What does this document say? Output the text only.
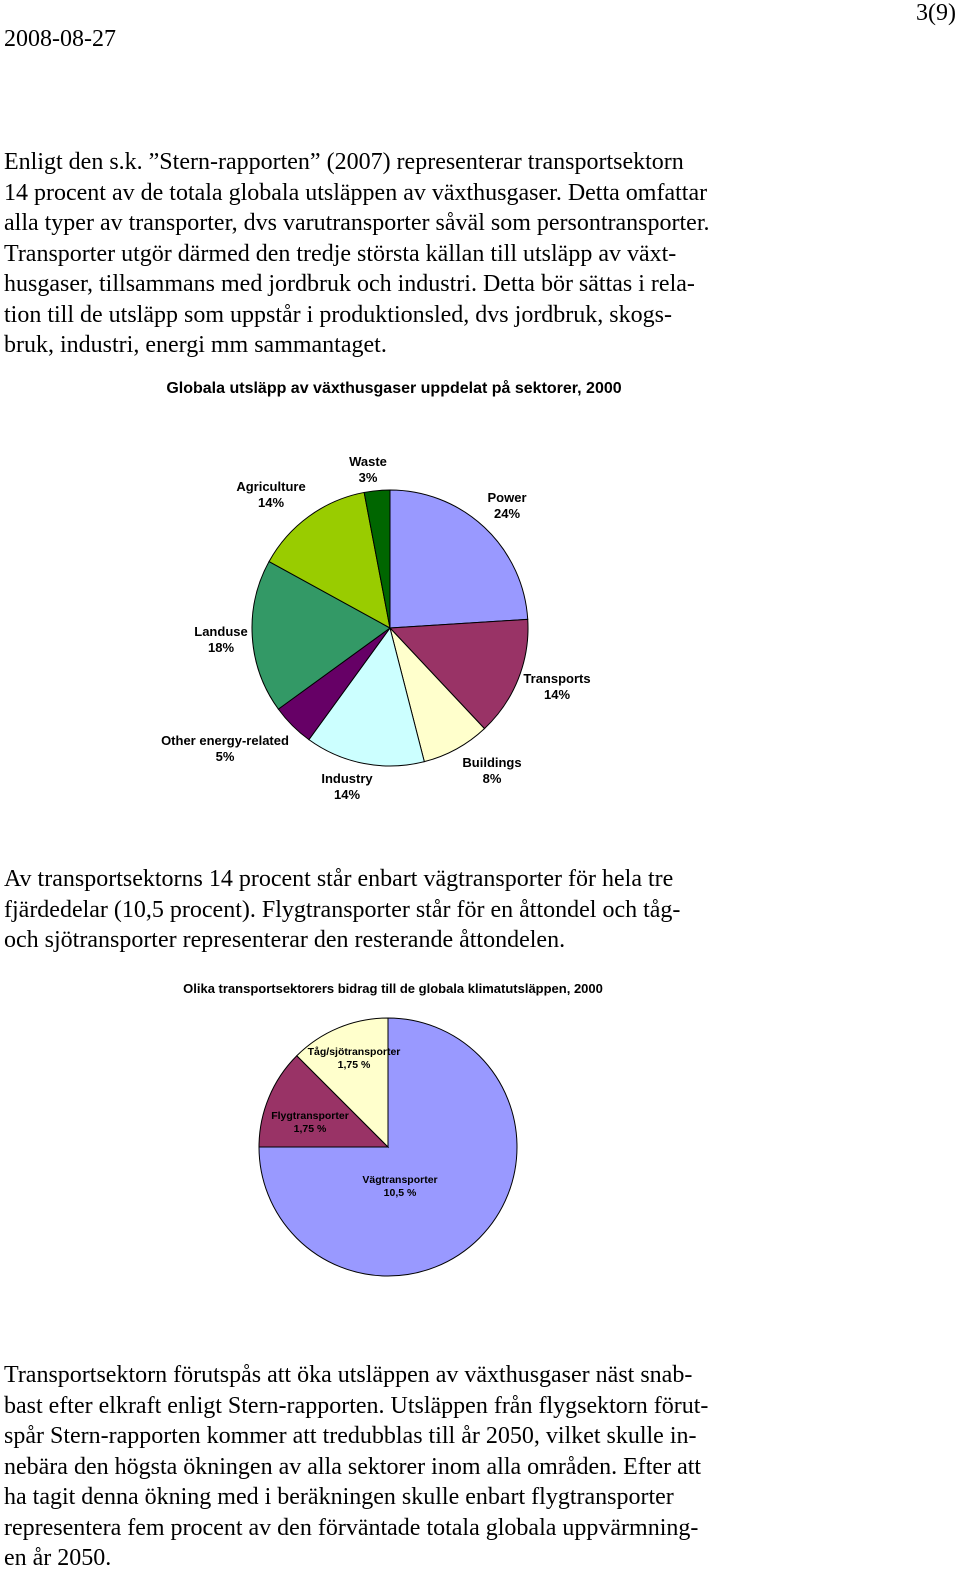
2008-08-27
3(9)

Enligt den s.k. ”Stern-rapporten” (2007) representerar transportsektorn
14 procent av de totala globala utsläppen av växthusgaser. Detta omfattar
alla typer av transporter, dvs varutransporter såväl som persontransporter.
Transporter utgör därmed den tredje största källan till utsläpp av växt-
husgaser, tillsammans med jordbruk och industri. Detta bör sättas i rela-
tion till de utsläpp som uppstår i produktionsled, dvs jordbruk, skogs-
bruk, industri, energi mm sammantaget.

Globala utsläpp av växthusgaser uppdelat på sektorer, 2000
Waste 3%
Agriculture 14%	Power 24%
Landuse 18%
Transports 14%
Other energy-related 5%	Buildings 8%
Industry 14%

Av transportsektorns 14 procent står enbart vägtransporter för hela tre
fjärdedelar (10,5 procent). Flygtransporter står för en åttondel och tåg-
och sjötransporter representerar den resterande åttondelen.

Olika transportsektorers bidrag till de globala klimatutsläppen, 2000
Tåg/sjötransporter 1,75 %
Flygtransporter 1,75 %
Vägtransporter 10,5 %

Transportsektorn förutspås att öka utsläppen av växthusgaser näst snab-
bast efter elkraft enligt Stern-rapporten. Utsläppen från flygsektorn förut-
spår Stern-rapporten kommer att tredubblas till år 2050, vilket skulle in-
nebära den högsta ökningen av alla sektorer inom alla områden. Efter att
ha tagit denna ökning med i beräkningen skulle enbart flygtransporter
representera fem procent av den förväntade totala globala uppvärmning-
en år 2050.
